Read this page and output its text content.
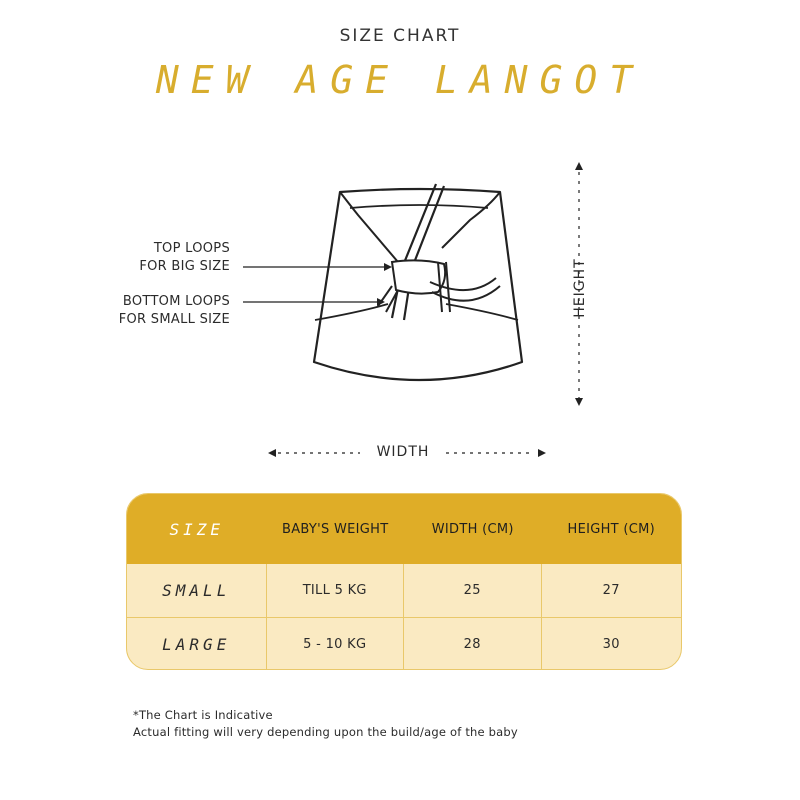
SIZE CHART
NEW AGE LANGOT
TOP LOOPS
FOR BIG SIZE
BOTTOM LOOPS
FOR SMALL SIZE
WIDTH
HEIGHT
SIZE	BABY'S WEIGHT	WIDTH (CM)	HEIGHT (CM)
SMALL	TILL 5 KG	25	27
LARGE	5 - 10 KG	28	30
*The Chart is Indicative
Actual fitting will very depending upon the build/age of the baby
